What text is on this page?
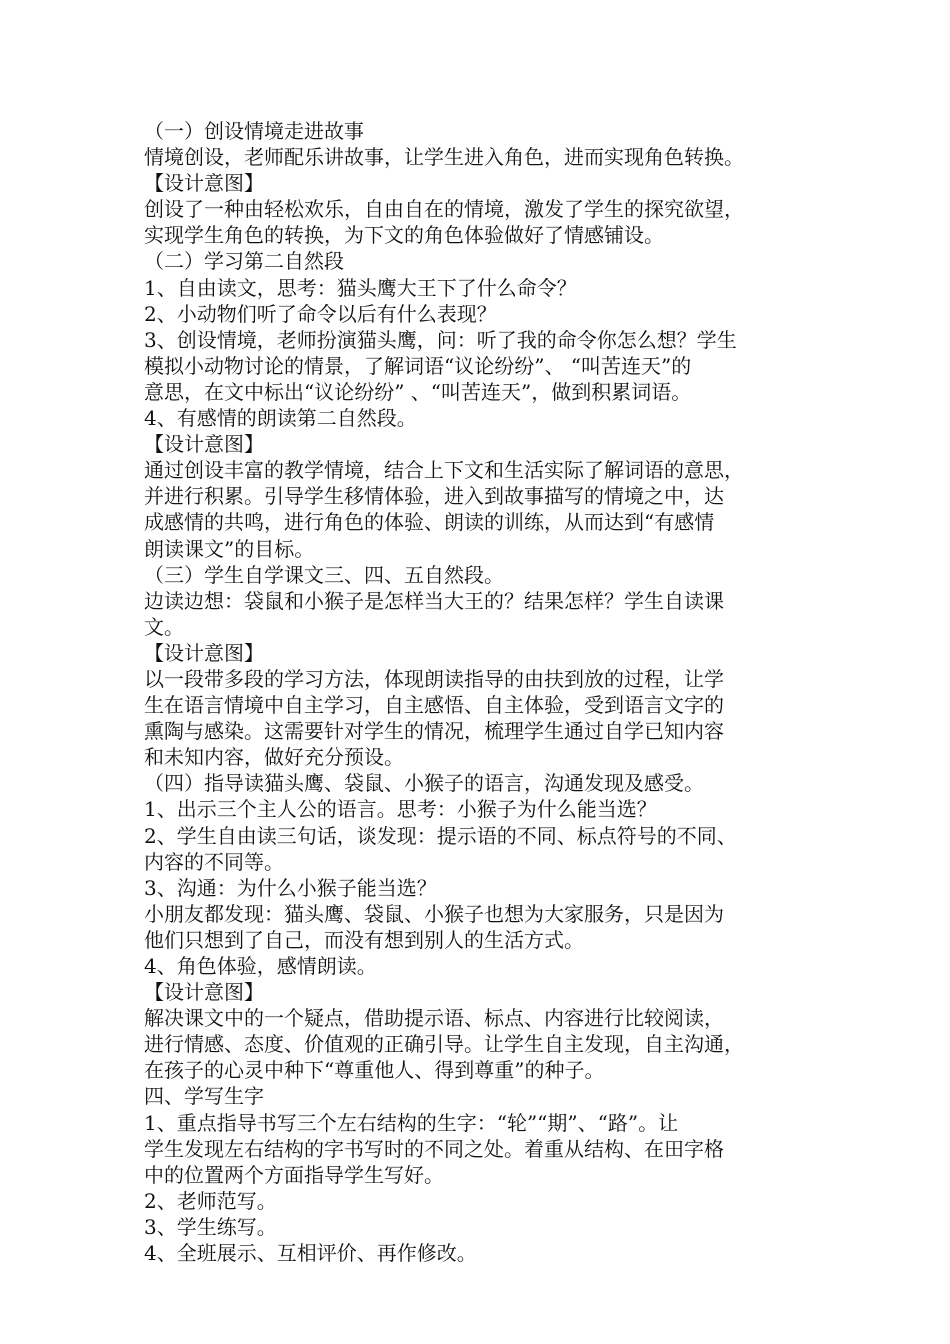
（一）创设情境走进故事
情境创设，老师配乐讲故事，让学生进入角色，进而实现角色转换。
【设计意图】
创设了一种由轻松欢乐，自由自在的情境，激发了学生的探究欲望，
实现学生角色的转换，为下文的角色体验做好了情感铺设。
（二）学习第二自然段
1、自由读文，思考：猫头鹰大王下了什么命令？
2、小动物们听了命令以后有什么表现？
3、创设情境，老师扮演猫头鹰，问：听了我的命令你怎么想？学生
模拟小动物讨论的情景，了解词语“议论纷纷”、 “叫苦连天”的
意思，在文中标出“议论纷纷” 、“叫苦连天”，做到积累词语。
4、有感情的朗读第二自然段。
【设计意图】
通过创设丰富的教学情境，结合上下文和生活实际了解词语的意思，
并进行积累。引导学生移情体验，进入到故事描写的情境之中，达
成感情的共鸣，进行角色的体验、朗读的训练，从而达到“有感情
朗读课文”的目标。
（三）学生自学课文三、四、五自然段。
边读边想：袋鼠和小猴子是怎样当大王的？结果怎样？学生自读课
文。
【设计意图】
以一段带多段的学习方法，体现朗读指导的由扶到放的过程，让学
生在语言情境中自主学习，自主感悟、自主体验，受到语言文字的
熏陶与感染。这需要针对学生的情况，梳理学生通过自学已知内容
和未知内容，做好充分预设。
（四）指导读猫头鹰、袋鼠、小猴子的语言，沟通发现及感受。
1、出示三个主人公的语言。思考：小猴子为什么能当选？
2、学生自由读三句话，谈发现：提示语的不同、标点符号的不同、
内容的不同等。
3、沟通：为什么小猴子能当选？
小朋友都发现：猫头鹰、袋鼠、小猴子也想为大家服务，只是因为
他们只想到了自己，而没有想到别人的生活方式。
4、角色体验，感情朗读。
【设计意图】
解决课文中的一个疑点，借助提示语、标点、内容进行比较阅读，
进行情感、态度、价值观的正确引导。让学生自主发现，自主沟通，
在孩子的心灵中种下“尊重他人、得到尊重”的种子。
四、学写生字
1、重点指导书写三个左右结构的生字：“轮”“期”、“路”。让
学生发现左右结构的字书写时的不同之处。着重从结构、在田字格
中的位置两个方面指导学生写好。
2、老师范写。
3、学生练写。
4、全班展示、互相评价、再作修改。
